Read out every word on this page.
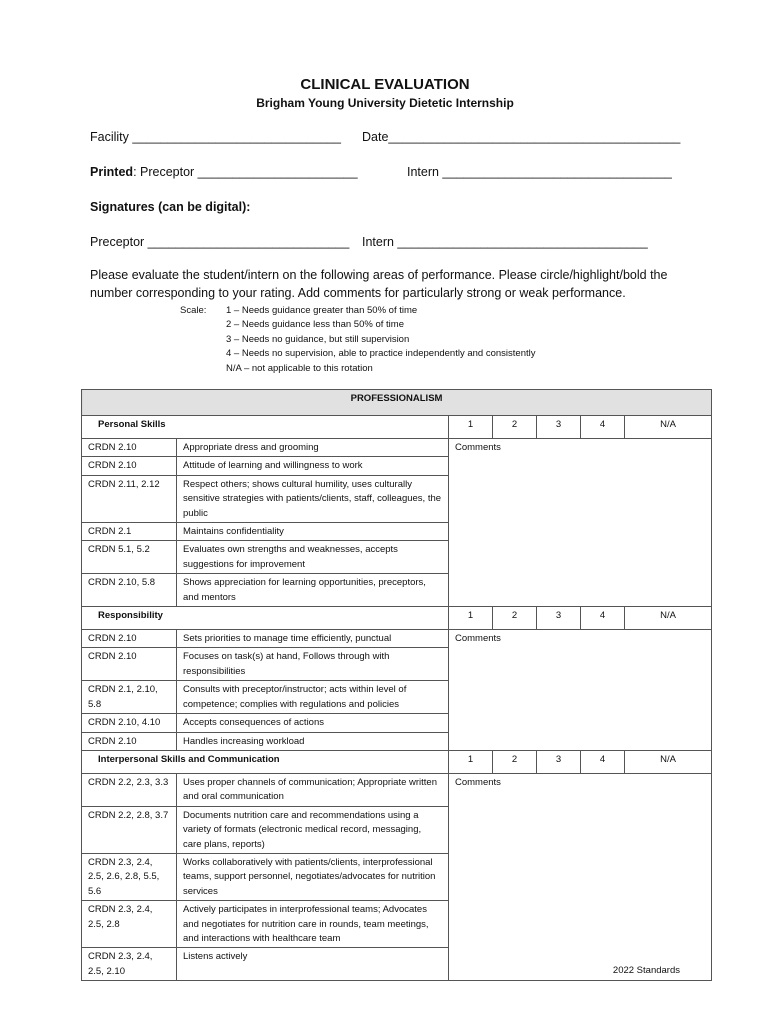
CLINICAL EVALUATION
Brigham Young University Dietetic Internship
Facility ______________________________ Date__________________________________________
Printed: Preceptor _______________________	Intern _________________________________
Signatures (can be digital):
Preceptor _____________________________ Intern ____________________________________
Please evaluate the student/intern on the following areas of performance. Please circle/highlight/bold the number corresponding to your rating. Add comments for particularly strong or weak performance.
Scale: 1 – Needs guidance greater than 50% of time
2 – Needs guidance less than 50% of time
3 – Needs no guidance, but still supervision
4 – Needs no supervision, able to practice independently and consistently
N/A – not applicable to this rotation
PROFESSIONALISM						
Personal Skills		1	2	3	4	N/A
CRDN 2.10	Appropriate dress and grooming	Comments				
CRDN 2.10	Attitude of learning and willingness to work					
CRDN 2.11, 2.12	Respect others; shows cultural humility, uses culturally sensitive strategies with patients/clients, staff, colleagues, the public					
CRDN 2.1	Maintains confidentiality					
CRDN 5.1, 5.2	Evaluates own strengths and weaknesses, accepts suggestions for improvement					
CRDN 2.10, 5.8	Shows appreciation for learning opportunities, preceptors, and mentors					
Responsibility		1	2	3	4	N/A
CRDN 2.10	Sets priorities to manage time efficiently, punctual	Comments				
CRDN 2.10	Focuses on task(s) at hand, Follows through with responsibilities					
CRDN 2.1, 2.10, 5.8	Consults with preceptor/instructor; acts within level of competence; complies with regulations and policies					
CRDN 2.10, 4.10	Accepts consequences of actions					
CRDN 2.10	Handles increasing workload					
Interpersonal Skills and Communication		1	2	3	4	N/A
CRDN 2.2, 2.3, 3.3	Uses proper channels of communication; Appropriate written and oral communication	Comments				
CRDN 2.2, 2.8, 3.7	Documents nutrition care and recommendations using a variety of formats (electronic medical record, messaging, care plans, reports)					
CRDN 2.3, 2.4, 2.5, 2.6, 2.8, 5.5, 5.6	Works collaboratively with patients/clients, interprofessional teams, support personnel, negotiates/advocates for nutrition services					
CRDN 2.3, 2.4, 2.5, 2.8	Actively participates in interprofessional teams; Advocates and negotiates for nutrition care in rounds, team meetings, and interactions with healthcare team					
CRDN 2.3, 2.4, 2.5, 2.10	Listens actively					
2022 Standards
